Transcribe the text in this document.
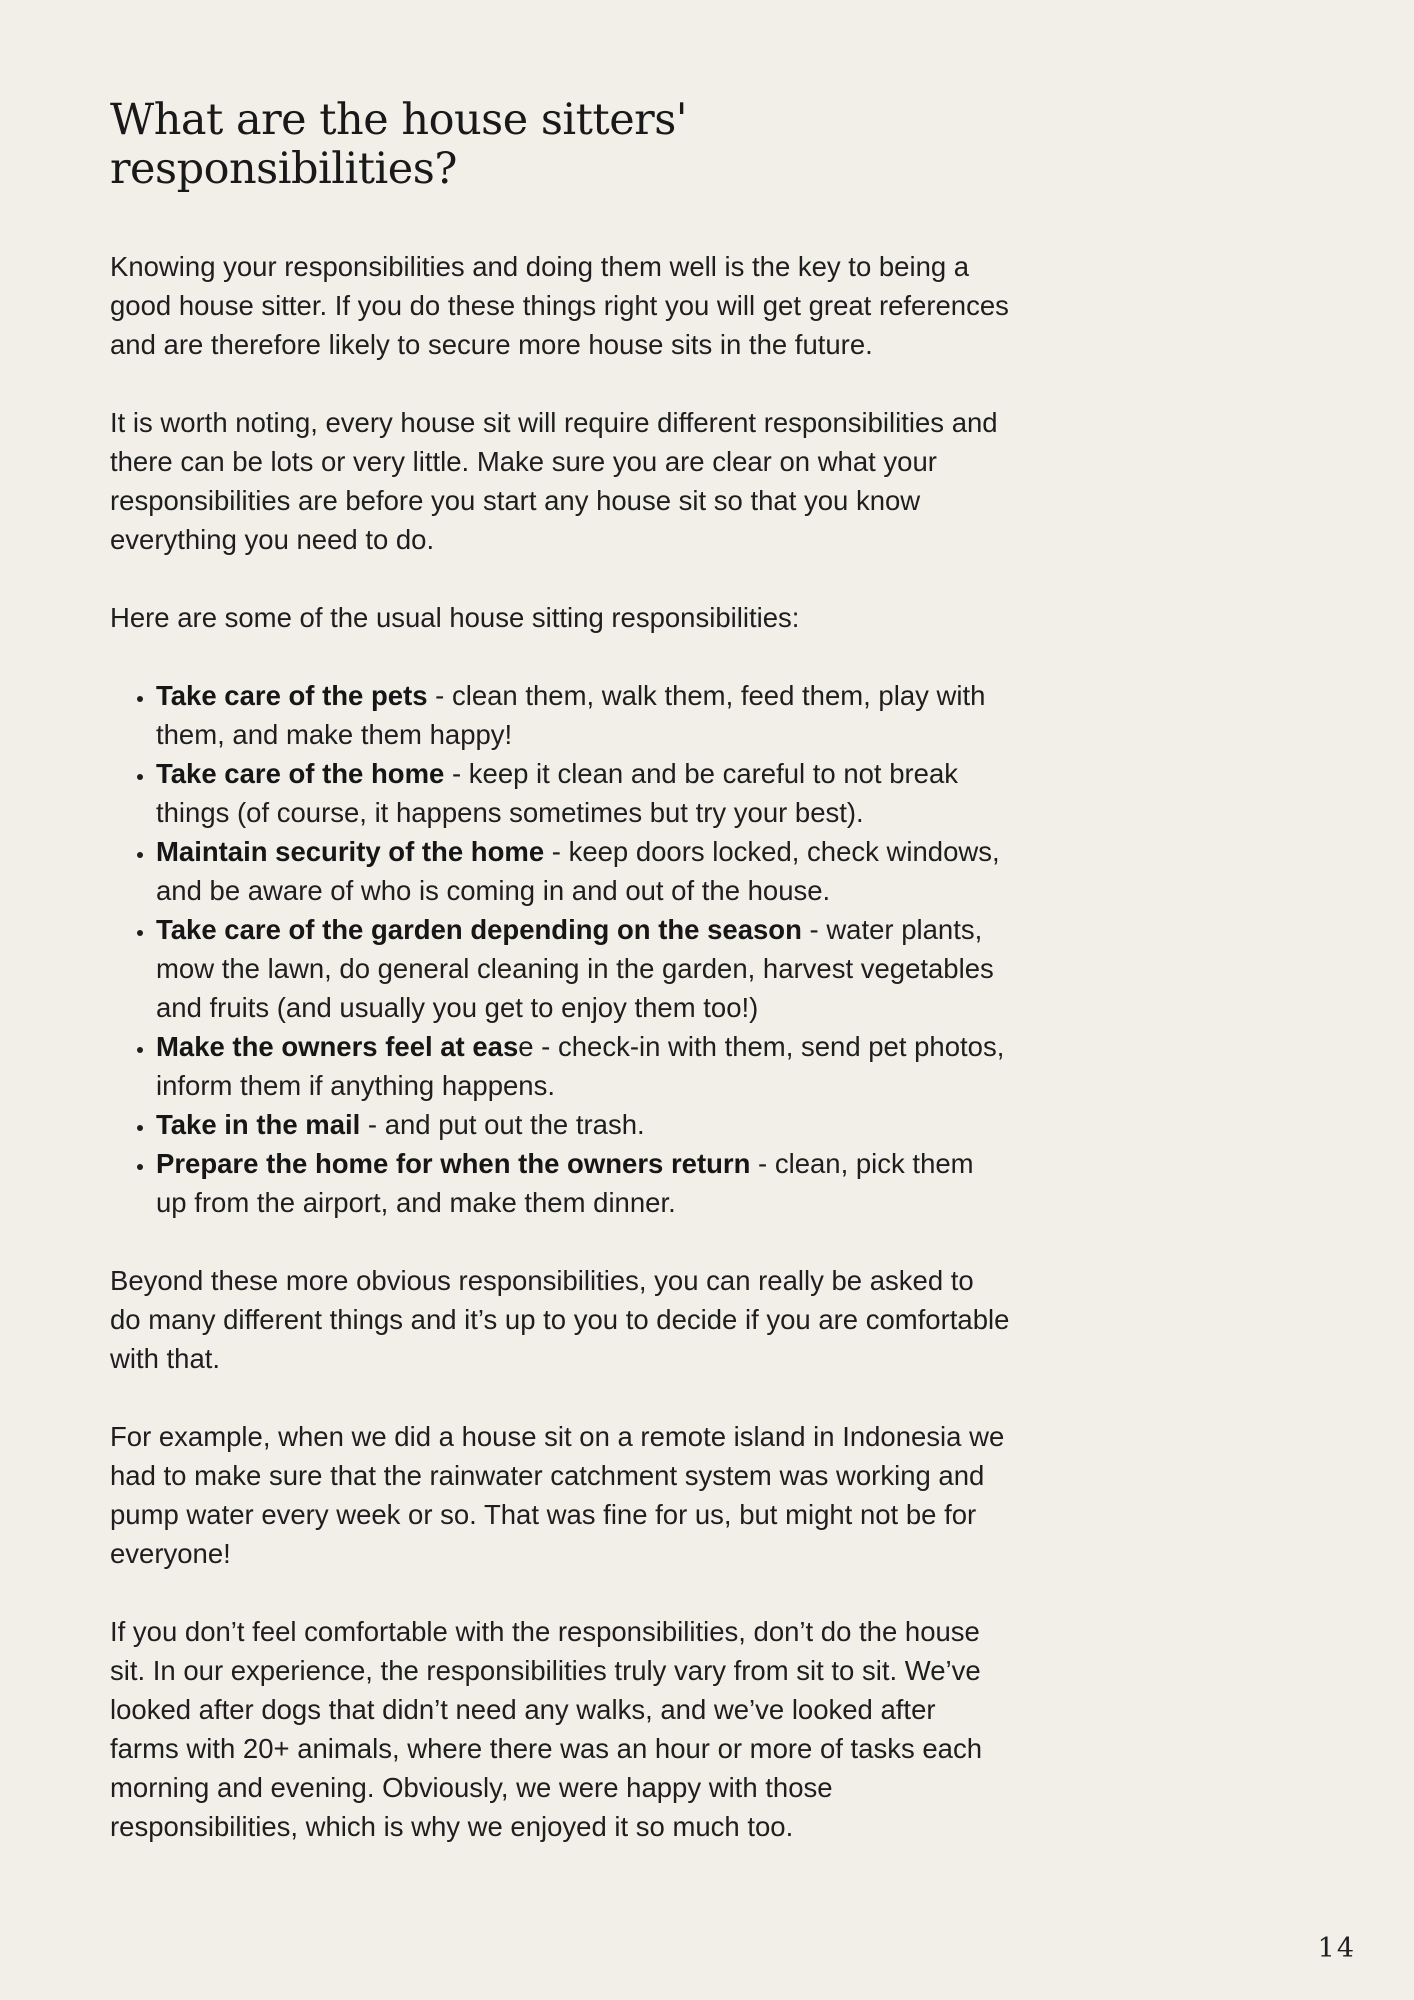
What are the house sitters' responsibilities?

Knowing your responsibilities and doing them well is the key to being a good house sitter. If you do these things right you will get great references and are therefore likely to secure more house sits in the future.

It is worth noting, every house sit will require different responsibilities and there can be lots or very little. Make sure you are clear on what your responsibilities are before you start any house sit so that you know everything you need to do.

Here are some of the usual house sitting responsibilities:

• Take care of the pets - clean them, walk them, feed them, play with them, and make them happy!
• Take care of the home - keep it clean and be careful to not break things (of course, it happens sometimes but try your best).
• Maintain security of the home - keep doors locked, check windows, and be aware of who is coming in and out of the house.
• Take care of the garden depending on the season - water plants, mow the lawn, do general cleaning in the garden, harvest vegetables and fruits (and usually you get to enjoy them too!)
• Make the owners feel at ease - check-in with them, send pet photos, inform them if anything happens.
• Take in the mail - and put out the trash.
• Prepare the home for when the owners return - clean, pick them up from the airport, and make them dinner.

Beyond these more obvious responsibilities, you can really be asked to do many different things and it’s up to you to decide if you are comfortable with that.

For example, when we did a house sit on a remote island in Indonesia we had to make sure that the rainwater catchment system was working and pump water every week or so. That was fine for us, but might not be for everyone!

If you don’t feel comfortable with the responsibilities, don’t do the house sit. In our experience, the responsibilities truly vary from sit to sit. We’ve looked after dogs that didn’t need any walks, and we’ve looked after farms with 20+ animals, where there was an hour or more of tasks each morning and evening. Obviously, we were happy with those responsibilities, which is why we enjoyed it so much too.

14
